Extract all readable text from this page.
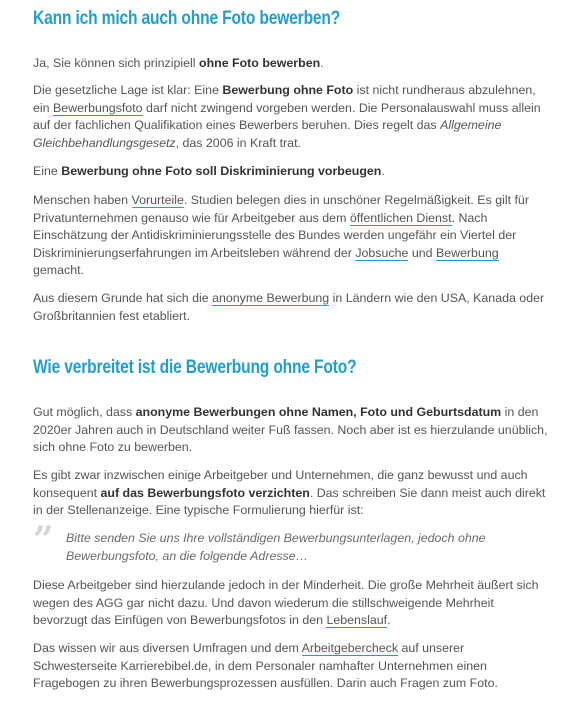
Kann ich mich auch ohne Foto bewerben?

Ja, Sie können sich prinzipiell ohne Foto bewerben.

Die gesetzliche Lage ist klar: Eine Bewerbung ohne Foto ist nicht rundheraus abzulehnen, ein Bewerbungsfoto darf nicht zwingend vorgeben werden. Die Personalauswahl muss allein auf der fachlichen Qualifikation eines Bewerbers beruhen. Dies regelt das Allgemeine Gleichbehandlungsgesetz, das 2006 in Kraft trat.

Eine Bewerbung ohne Foto soll Diskriminierung vorbeugen.

Menschen haben Vorurteile. Studien belegen dies in unschöner Regelmäßigkeit. Es gilt für Privatunternehmen genauso wie für Arbeitgeber aus dem öffentlichen Dienst. Nach Einschätzung der Antidiskriminierungsstelle des Bundes werden ungefähr ein Viertel der Diskriminierungserfahrungen im Arbeitsleben während der Jobsuche und Bewerbung gemacht.

Aus diesem Grunde hat sich die anonyme Bewerbung in Ländern wie den USA, Kanada oder Großbritannien fest etabliert.

Wie verbreitet ist die Bewerbung ohne Foto?

Gut möglich, dass anonyme Bewerbungen ohne Namen, Foto und Geburtsdatum in den 2020er Jahren auch in Deutschland weiter Fuß fassen. Noch aber ist es hierzulande unüblich, sich ohne Foto zu bewerben.

Es gibt zwar inzwischen einige Arbeitgeber und Unternehmen, die ganz bewusst und auch konsequent auf das Bewerbungsfoto verzichten. Das schreiben Sie dann meist auch direkt in der Stellenanzeige. Eine typische Formulierung hierfür ist:

” Bitte senden Sie uns Ihre vollständigen Bewerbungsunterlagen, jedoch ohne Bewerbungsfoto, an die folgende Adresse…

Diese Arbeitgeber sind hierzulande jedoch in der Minderheit. Die große Mehrheit äußert sich wegen des AGG gar nicht dazu. Und davon wiederum die stillschweigende Mehrheit bevorzugt das Einfügen von Bewerbungsfotos in den Lebenslauf.

Das wissen wir aus diversen Umfragen und dem Arbeitgebercheck auf unserer Schwesterseite Karrierebibel.de, in dem Personaler namhafter Unternehmen einen Fragebogen zu ihren Bewerbungsprozessen ausfüllen. Darin auch Fragen zum Foto.
